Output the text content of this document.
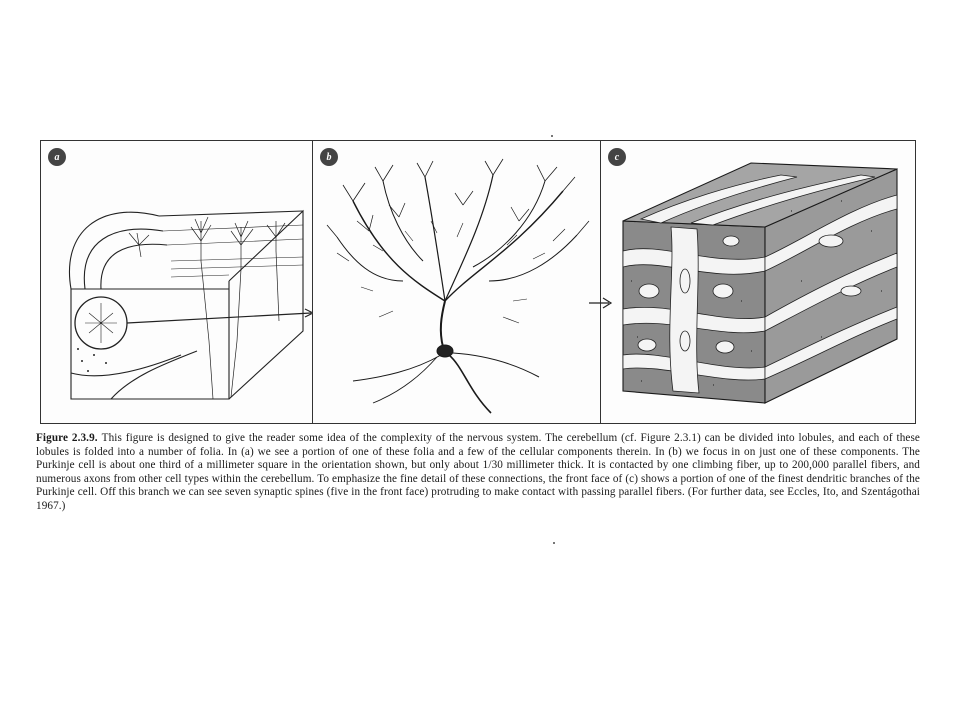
a	b	c
Figure 2.3.9. This figure is designed to give the reader some idea of the complexity of the nervous system. The cerebellum (cf. Figure 2.3.1) can be divided into lobules, and each of these lobules is folded into a number of folia. In (a) we see a portion of one of these folia and a few of the cellular components therein. In (b) we focus in on just one of these components. The Purkinje cell is about one third of a millimeter square in the orientation shown, but only about 1/30 millimeter thick. It is contacted by one climbing fiber, up to 200,000 parallel fibers, and numerous axons from other cell types within the cerebellum. To emphasize the fine detail of these connections, the front face of (c) shows a portion of one of the finest dendritic branches of the Purkinje cell. Off this branch we can see seven synaptic spines (five in the front face) protruding to make contact with passing parallel fibers. (For further data, see Eccles, Ito, and Szentágothai 1967.)
